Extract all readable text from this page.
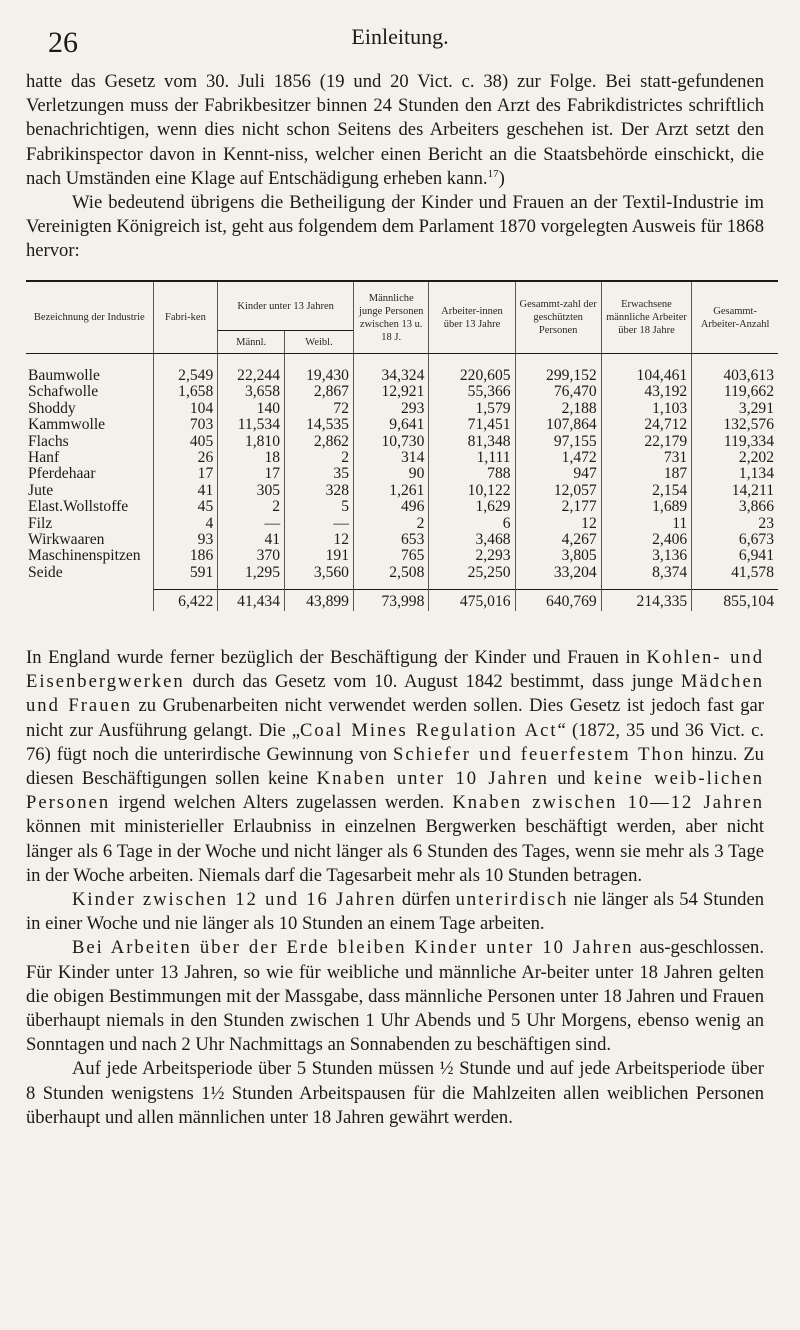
26	Einleitung.

hatte das Gesetz vom 30. Juli 1856 (19 und 20 Vict. c. 38) zur Folge. Bei statt-gefundenen Verletzungen muss der Fabrikbesitzer binnen 24 Stunden den Arzt des Fabrikdistrictes schriftlich benachrichtigen, wenn dies nicht schon Seitens des Arbeiters geschehen ist. Der Arzt setzt den Fabrikinspector davon in Kennt-niss, welcher einen Bericht an die Staatsbehörde einschickt, die nach Umständen eine Klage auf Entschädigung erheben kann.$^{17}$)

Wie bedeutend übrigens die Betheiligung der Kinder und Frauen an der Textil-Industrie im Vereinigten Königreich ist, geht aus folgendem dem Parlament 1870 vorgelegten Ausweis für 1868 hervor:

Bezeichnung der Industrie	Fabri-ken	Kinder unter 13 Jahren		Männliche junge Personen zwischen 13 u. 18 J.	Arbeiter-innen über 13 Jahre	Gesammt-zahl der geschützten Personen	Erwachsene männliche Arbeiter über 18 Jahre	Gesammt-Arbeiter-Anzahl
		Männl.	Weibl.					
Baumwolle	2,549	22,244	19,430	34,324	220,605	299,152	104,461	403,613
Schafwolle	1,658	3,658	2,867	12,921	55,366	76,470	43,192	119,662
Shoddy	104	140	72	293	1,579	2,188	1,103	3,291
Kammwolle	703	11,534	14,535	9,641	71,451	107,864	24,712	132,576
Flachs	405	1,810	2,862	10,730	81,348	97,155	22,179	119,334
Hanf	26	18	2	314	1,111	1,472	731	2,202
Pferdehaar	17	17	35	90	788	947	187	1,134
Jute	41	305	328	1,261	10,122	12,057	2,154	14,211
Elast.Wollstoffe	45	2	5	496	1,629	2,177	1,689	3,866
Filz	4	—	—	2	6	12	11	23
Wirkwaaren	93	41	12	653	3,468	4,267	2,406	6,673
Maschinenspitzen	186	370	191	765	2,293	3,805	3,136	6,941
Seide	591	1,295	3,560	2,508	25,250	33,204	8,374	41,578
	6,422	41,434	43,899	73,998	475,016	640,769	214,335	855,104

In England wurde ferner bezüglich der Beschäftigung der Kinder und Frauen in Kohlen- und Eisenbergwerken durch das Gesetz vom 10. August 1842 bestimmt, dass junge Mädchen und Frauen zu Grubenarbeiten nicht verwendet werden sollen. Dies Gesetz ist jedoch fast gar nicht zur Ausführung gelangt. Die „Coal Mines Regulation Act“ (1872, 35 und 36 Vict. c. 76) fügt noch die unterirdische Gewinnung von Schiefer und feuerfestem Thon hinzu. Zu diesen Beschäftigungen sollen keine Knaben unter 10 Jahren und keine weib-lichen Personen irgend welchen Alters zugelassen werden. Knaben zwischen 10—12 Jahren können mit ministerieller Erlaubniss in einzelnen Bergwerken beschäftigt werden, aber nicht länger als 6 Tage in der Woche und nicht länger als 6 Stunden des Tages, wenn sie mehr als 3 Tage in der Woche arbeiten. Niemals darf die Tagesarbeit mehr als 10 Stunden betragen.

Kinder zwischen 12 und 16 Jahren dürfen unterirdisch nie länger als 54 Stunden in einer Woche und nie länger als 10 Stunden an einem Tage arbeiten.

Bei Arbeiten über der Erde bleiben Kinder unter 10 Jahren aus-geschlossen. Für Kinder unter 13 Jahren, so wie für weibliche und männliche Ar-beiter unter 18 Jahren gelten die obigen Bestimmungen mit der Massgabe, dass männliche Personen unter 18 Jahren und Frauen überhaupt niemals in den Stunden zwischen 1 Uhr Abends und 5 Uhr Morgens, ebenso wenig an Sonntagen und nach 2 Uhr Nachmittags an Sonnabenden zu beschäftigen sind.

Auf jede Arbeitsperiode über 5 Stunden müssen ½ Stunde und auf jede Arbeitsperiode über 8 Stunden wenigstens 1½ Stunden Arbeitspausen für die Mahlzeiten allen weiblichen Personen überhaupt und allen männlichen unter 18 Jahren gewährt werden.
